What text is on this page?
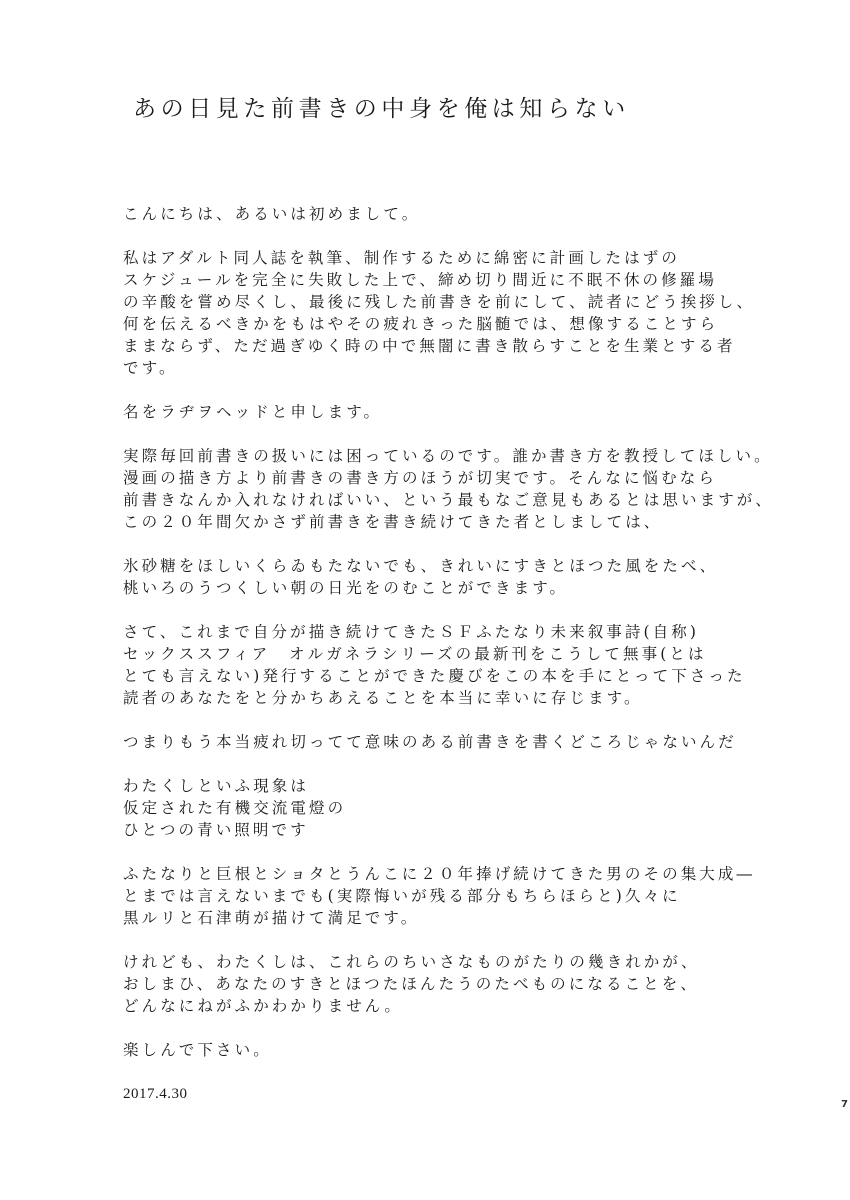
あの日見た前書きの中身を俺は知らない
こんにちは、あるいは初めまして。
私はアダルト同人誌を執筆、制作するために綿密に計画したはずの
スケジュールを完全に失敗した上で、締め切り間近に不眠不休の修羅場
の辛酸を嘗め尽くし、最後に残した前書きを前にして、読者にどう挨拶し、
何を伝えるべきかをもはやその疲れきった脳髄では、想像することすら
ままならず、ただ過ぎゆく時の中で無闇に書き散らすことを生業とする者
です。
名をラヂヲヘッドと申します。
実際毎回前書きの扱いには困っているのです。誰か書き方を教授してほしい。
漫画の描き方より前書きの書き方のほうが切実です。そんなに悩むなら
前書きなんか入れなければいい、という最もなご意見もあるとは思いますが、
この２０年間欠かさず前書きを書き続けてきた者としましては、
氷砂糖をほしいくらゐもたないでも、きれいにすきとほつた風をたべ、
桃いろのうつくしい朝の日光をのむことができます。
さて、これまで自分が描き続けてきたＳＦふたなり未来叙事詩(自称)
セックススフィア　オルガネラシリーズの最新刊をこうして無事(とは
とても言えない)発行することができた慶びをこの本を手にとって下さった
読者のあなたをと分かちあえることを本当に幸いに存じます。
つまりもう本当疲れ切ってて意味のある前書きを書くどころじゃないんだ
わたくしといふ現象は
仮定された有機交流電燈の
ひとつの青い照明です
ふたなりと巨根とショタとうんこに２０年捧げ続けてきた男のその集大成―
とまでは言えないまでも(実際悔いが残る部分もちらほらと)久々に
黒ルリと石津萌が描けて満足です。
けれども、わたくしは、これらのちいさなものがたりの幾きれかが、
おしまひ、あなたのすきとほつたほんたうのたべものになることを、
どんなにねがふかわかりません。
楽しんで下さい。
2017.4.30
7
